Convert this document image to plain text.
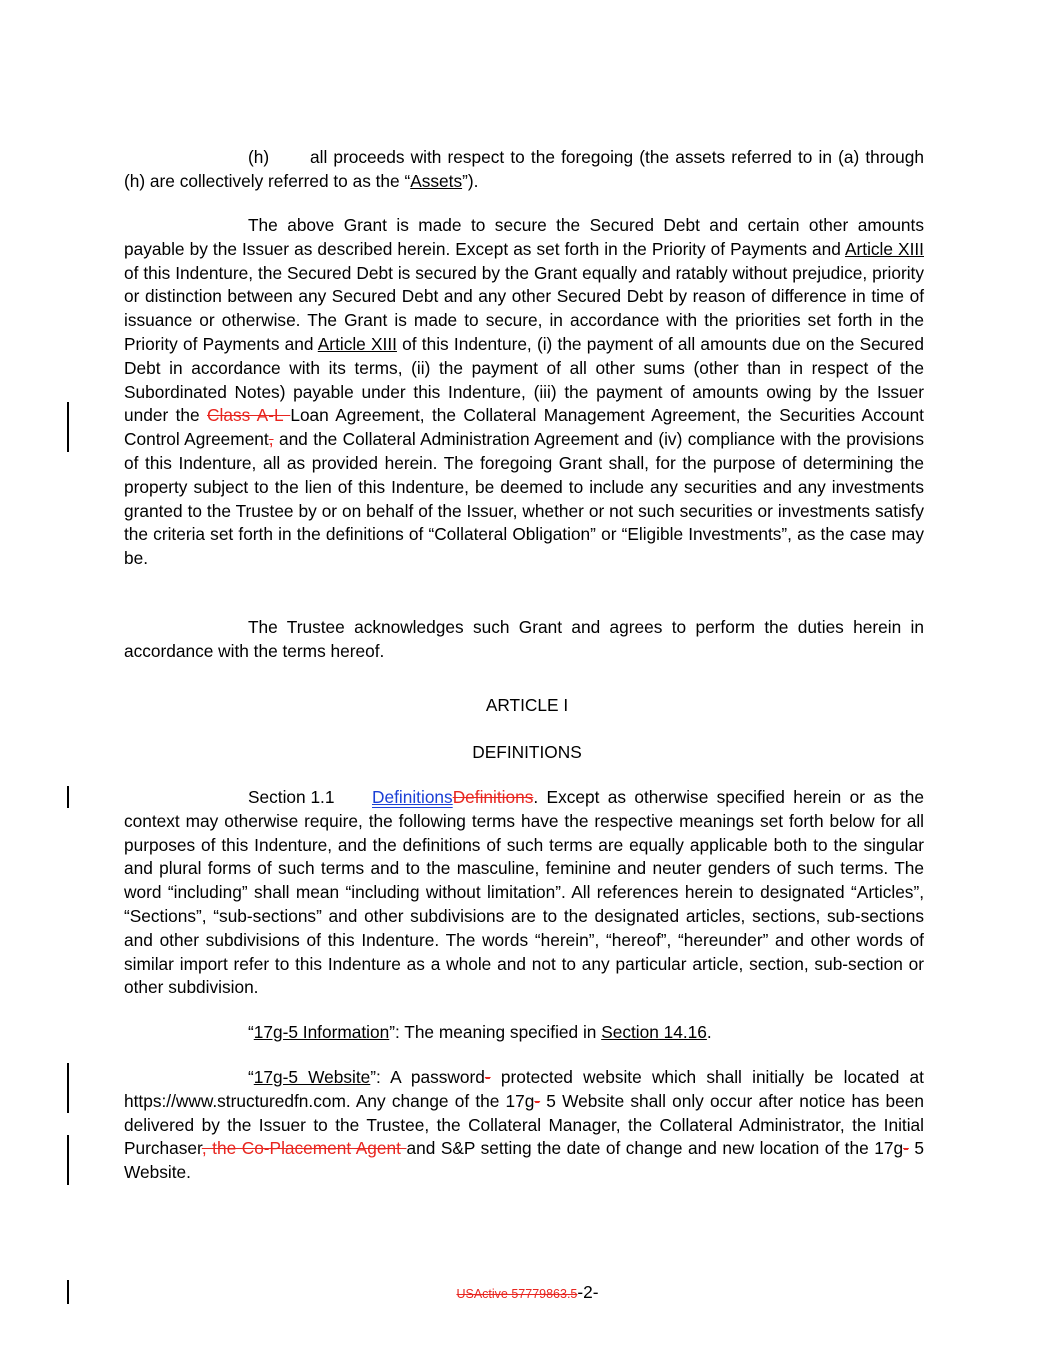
(h) all proceeds with respect to the foregoing (the assets referred to in (a) through (h) are collectively referred to as the “Assets”).

The above Grant is made to secure the Secured Debt and certain other amounts payable by the Issuer as described herein. Except as set forth in the Priority of Payments and Article XIII of this Indenture, the Secured Debt is secured by the Grant equally and ratably without prejudice, priority or distinction between any Secured Debt and any other Secured Debt by reason of difference in time of issuance or otherwise. The Grant is made to secure, in accordance with the priorities set forth in the Priority of Payments and Article XIII of this Indenture, (i) the payment of all amounts due on the Secured Debt in accordance with its terms, (ii) the payment of all other sums (other than in respect of the Subordinated Notes) payable under this Indenture, (iii) the payment of amounts owing by the Issuer under the Class A-L Loan Agreement, the Collateral Management Agreement, the Securities Account Control Agreement, and the Collateral Administration Agreement and (iv) compliance with the provisions of this Indenture, all as provided herein. The foregoing Grant shall, for the purpose of determining the property subject to the lien of this Indenture, be deemed to include any securities and any investments granted to the Trustee by or on behalf of the Issuer, whether or not such securities or investments satisfy the criteria set forth in the definitions of “Collateral Obligation” or “Eligible Investments”, as the case may be.

The Trustee acknowledges such Grant and agrees to perform the duties herein in accordance with the terms hereof.

ARTICLE I
DEFINITIONS

Section 1.1 DefinitionsDefinitions. Except as otherwise specified herein or as the context may otherwise require, the following terms have the respective meanings set forth below for all purposes of this Indenture, and the definitions of such terms are equally applicable both to the singular and plural forms of such terms and to the masculine, feminine and neuter genders of such terms. The word “including” shall mean “including without limitation”. All references herein to designated “Articles”, “Sections”, “sub-sections” and other subdivisions are to the designated articles, sections, sub-sections and other subdivisions of this Indenture. The words “herein”, “hereof”, “hereunder” and other words of similar import refer to this Indenture as a whole and not to any particular article, section, sub-section or other subdivision.

“17g-5 Information”: The meaning specified in Section 14.16.

“17g-5 Website”: A password- protected website which shall initially be located at https://www.structuredfn.com. Any change of the 17g- 5 Website shall only occur after notice has been delivered by the Issuer to the Trustee, the Collateral Manager, the Collateral Administrator, the Initial Purchaser, the Co-Placement Agent and S&P setting the date of change and new location of the 17g- 5 Website.

USActive 57779863.5-2-
